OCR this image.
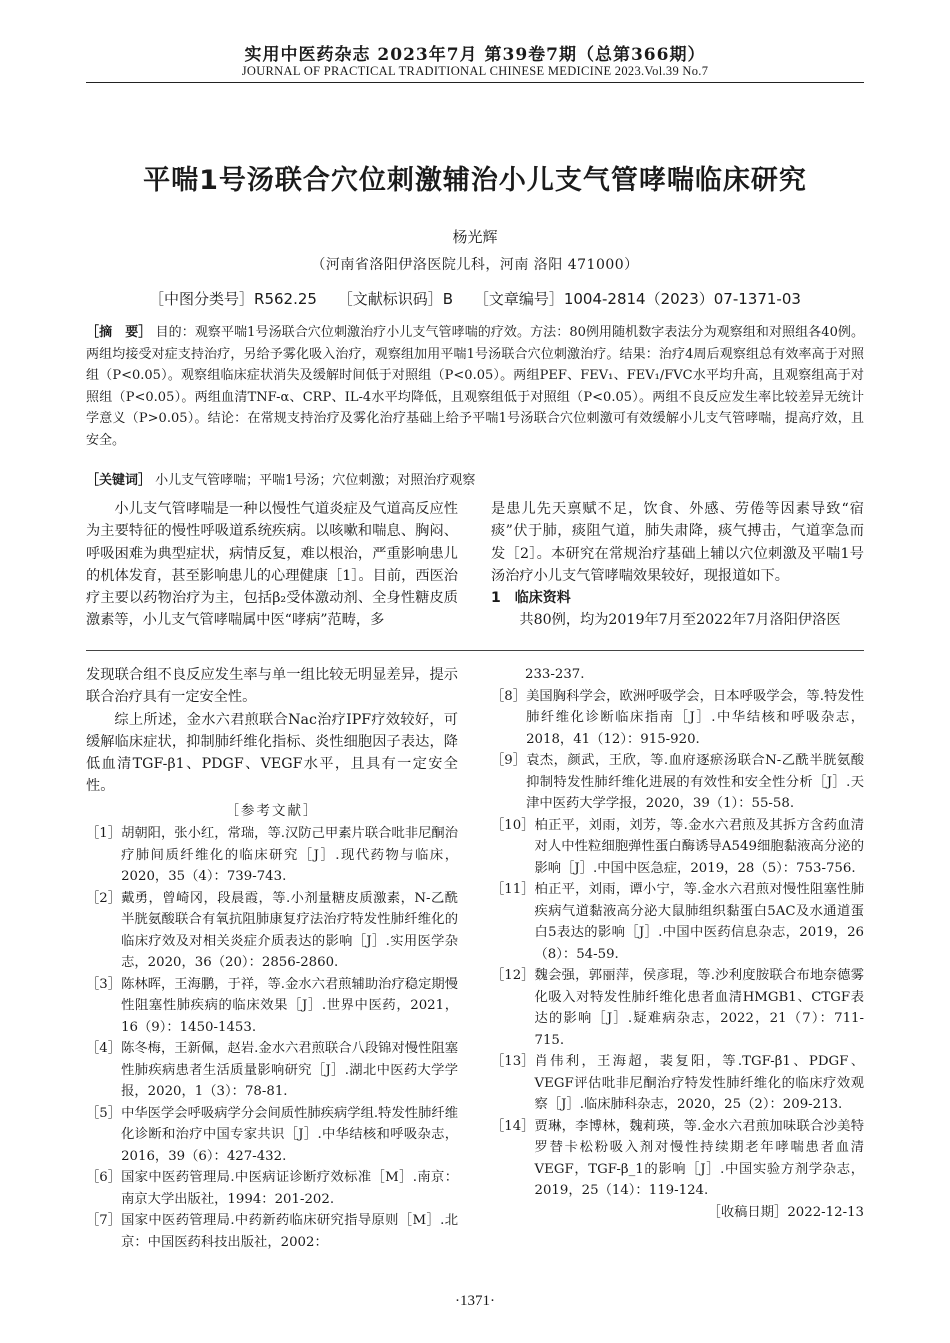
实用中医药杂志 2023年7月 第39卷7期（总第366期）
JOURNAL OF PRACTICAL TRADITIONAL CHINESE MEDICINE 2023.Vol.39 No.7
平喘1号汤联合穴位刺激辅治小儿支气管哮喘临床研究
杨光辉
（河南省洛阳伊洛医院儿科，河南 洛阳 471000）
［中图分类号］R562.25 ［文献标识码］B ［文章编号］1004-2814（2023）07-1371-03
［摘　要］ 目的：观察平喘1号汤联合穴位刺激治疗小儿支气管哮喘的疗效。方法：80例用随机数字表法分为观察组和对照组各40例。两组均接受对症支持治疗，另给予雾化吸入治疗，观察组加用平喘1号汤联合穴位刺激治疗。结果：治疗4周后观察组总有效率高于对照组（P<0.05）。观察组临床症状消失及缓解时间低于对照组（P<0.05）。两组PEF、FEV₁、FEV₁/FVC水平均升高，且观察组高于对照组（P<0.05）。两组血清TNF-α、CRP、IL-4水平均降低，且观察组低于对照组（P<0.05）。两组不良反应发生率比较差异无统计学意义（P>0.05）。结论：在常规支持治疗及雾化治疗基础上给予平喘1号汤联合穴位刺激可有效缓解小儿支气管哮喘，提高疗效，且安全。
［关键词］ 小儿支气管哮喘；平喘1号汤；穴位刺激；对照治疗观察
小儿支气管哮喘是一种以慢性气道炎症及气道高反应性为主要特征的慢性呼吸道系统疾病。以咳嗽和喘息、胸闷、呼吸困难为典型症状，病情反复，难以根治，严重影响患儿的机体发育，甚至影响患儿的心理健康［1］。目前，西医治疗主要以药物治疗为主，包括β₂受体激动剂、全身性糖皮质激素等，小儿支气管哮喘属中医“哮病”范畴，多
是患儿先天禀赋不足，饮食、外感、劳倦等因素导致“宿痰”伏于肺，痰阻气道，肺失肃降，痰气搏击，气道挛急而发［2］。本研究在常规治疗基础上辅以穴位刺激及平喘1号汤治疗小儿支气管哮喘效果较好，现报道如下。
1　临床资料
共80例，均为2019年7月至2022年7月洛阳伊洛医
发现联合组不良反应发生率与单一组比较无明显差异，提示联合治疗具有一定安全性。
综上所述，金水六君煎联合Nac治疗IPF疗效较好，可缓解临床症状，抑制肺纤维化指标、炎性细胞因子表达，降低血清TGF-β1、PDGF、VEGF水平，且具有一定安全性。
［参考文献］
［1］ 胡朝阳，张小红，常瑞，等.汉防己甲素片联合吡非尼酮治疗肺间质纤维化的临床研究［J］.现代药物与临床，2020，35（4）：739-743.
［2］ 戴勇，曾崎冈，段晨霞，等.小剂量糖皮质激素，N-乙酰半胱氨酸联合有氧抗阻肺康复疗法治疗特发性肺纤维化的临床疗效及对相关炎症介质表达的影响［J］.实用医学杂志，2020，36（20）：2856-2860.
［3］ 陈林晖，王海鹏，于祥，等.金水六君煎辅助治疗稳定期慢性阻塞性肺疾病的临床效果［J］.世界中医药，2021，16（9）：1450-1453.
［4］ 陈冬梅，王新佩，赵岩.金水六君煎联合八段锦对慢性阻塞性肺疾病患者生活质量影响研究［J］.湖北中医药大学学报，2020，1（3）：78-81.
［5］ 中华医学会呼吸病学分会间质性肺疾病学组.特发性肺纤维化诊断和治疗中国专家共识［J］.中华结核和呼吸杂志，2016，39（6）：427-432.
［6］ 国家中医药管理局.中医病证诊断疗效标准［M］.南京：南京大学出版社，1994：201-202.
［7］ 国家中医药管理局.中药新药临床研究指导原则［M］.北京：中国医药科技出版社，2002：
233-237.
［8］ 美国胸科学会，欧洲呼吸学会，日本呼吸学会，等.特发性肺纤维化诊断临床指南［J］.中华结核和呼吸杂志，2018，41（12）：915-920.
［9］ 袁杰，颜武，王欣，等.血府逐瘀汤联合N-乙酰半胱氨酸抑制特发性肺纤维化进展的有效性和安全性分析［J］.天津中医药大学学报，2020，39（1）：55-58.
［10］ 柏正平，刘雨，刘芳，等.金水六君煎及其拆方含药血清对人中性粒细胞弹性蛋白酶诱导A549细胞黏液高分泌的影响［J］.中国中医急症，2019，28（5）：753-756.
［11］ 柏正平，刘雨，谭小宁，等.金水六君煎对慢性阻塞性肺疾病气道黏液高分泌大鼠肺组织黏蛋白5AC及水通道蛋白5表达的影响［J］.中国中医药信息杂志，2019，26（8）：54-59.
［12］ 魏会强，郭丽萍，侯彦琨，等.沙利度胺联合布地奈德雾化吸入对特发性肺纤维化患者血清HMGB1、CTGF表达的影响［J］.疑难病杂志，2022，21（7）：711-715.
［13］ 肖伟利，王海超，裴复阳，等.TGF-β1、PDGF、VEGF评估吡非尼酮治疗特发性肺纤维化的临床疗效观察［J］.临床肺科杂志，2020，25（2）：209-213.
［14］ 贾琳，李博林，魏莉瑛，等.金水六君煎加味联合沙美特罗替卡松粉吸入剂对慢性持续期老年哮喘患者血清VEGF，TGF-β_1的影响［J］.中国实验方剂学杂志，2019，25（14）：119-124.
［收稿日期］2022-12-13
·1371·
